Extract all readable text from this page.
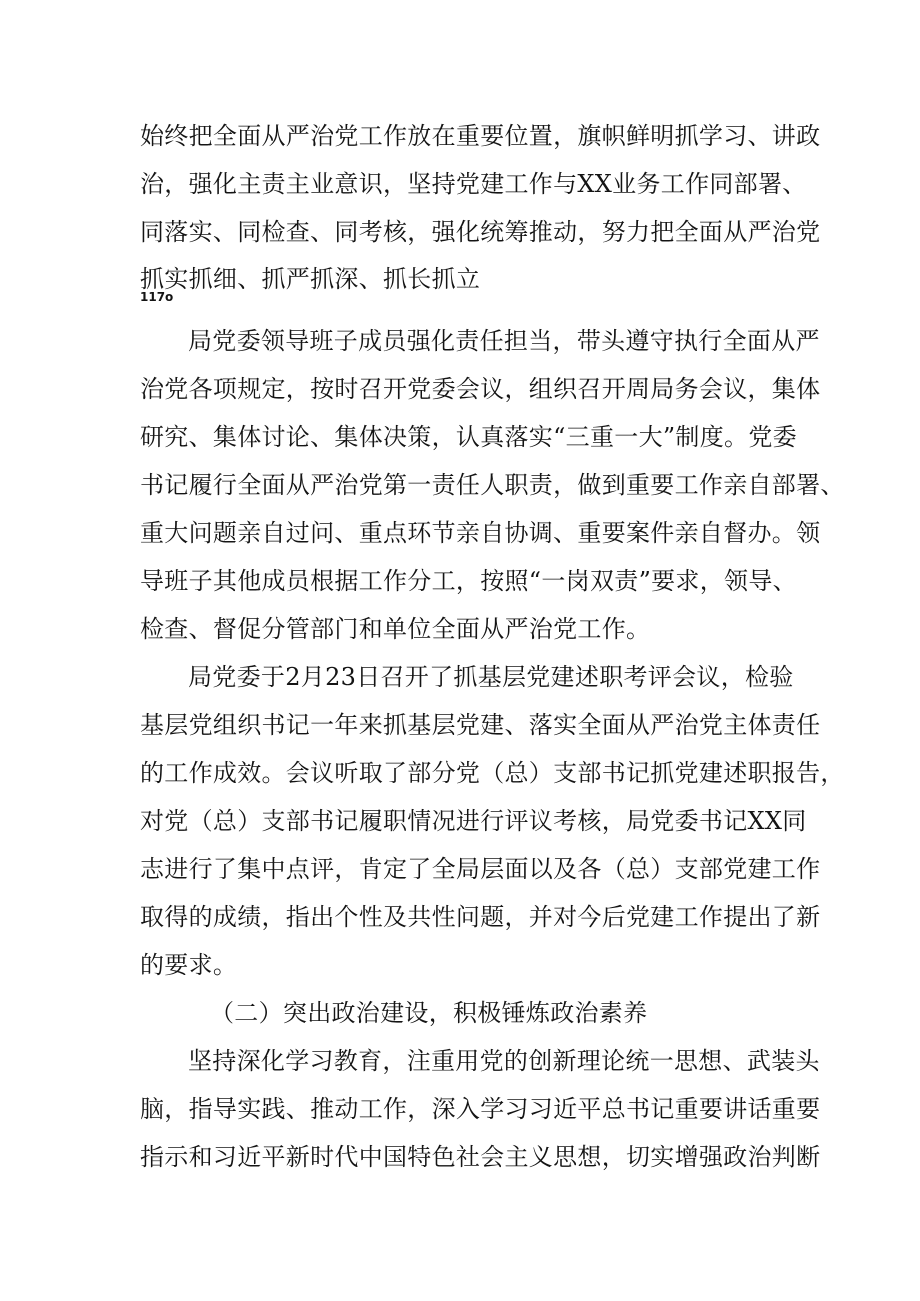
始终把全面从严治党工作放在重要位置，旗帜鲜明抓学习、讲政
治，强化主责主业意识，坚持党建工作与XX业务工作同部署、
同落实、同检查、同考核，强化统筹推动，努力把全面从严治党
抓实抓细、抓严抓深、抓长抓立
117o
局党委领导班子成员强化责任担当，带头遵守执行全面从严
治党各项规定，按时召开党委会议，组织召开周局务会议，集体
研究、集体讨论、集体决策，认真落实“三重一大”制度。党委
书记履行全面从严治党第一责任人职责，做到重要工作亲自部署、
重大问题亲自过问、重点环节亲自协调、重要案件亲自督办。领
导班子其他成员根据工作分工，按照“一岗双责”要求，领导、
检查、督促分管部门和单位全面从严治党工作。
局党委于2月23日召开了抓基层党建述职考评会议，检验
基层党组织书记一年来抓基层党建、落实全面从严治党主体责任
的工作成效。会议听取了部分党（总）支部书记抓党建述职报告，
对党（总）支部书记履职情况进行评议考核，局党委书记XX同
志进行了集中点评，肯定了全局层面以及各（总）支部党建工作
取得的成绩，指出个性及共性问题，并对今后党建工作提出了新
的要求。
（二）突出政治建设，积极锤炼政治素养
坚持深化学习教育，注重用党的创新理论统一思想、武装头
脑，指导实践、推动工作，深入学习习近平总书记重要讲话重要
指示和习近平新时代中国特色社会主义思想，切实增强政治判断
